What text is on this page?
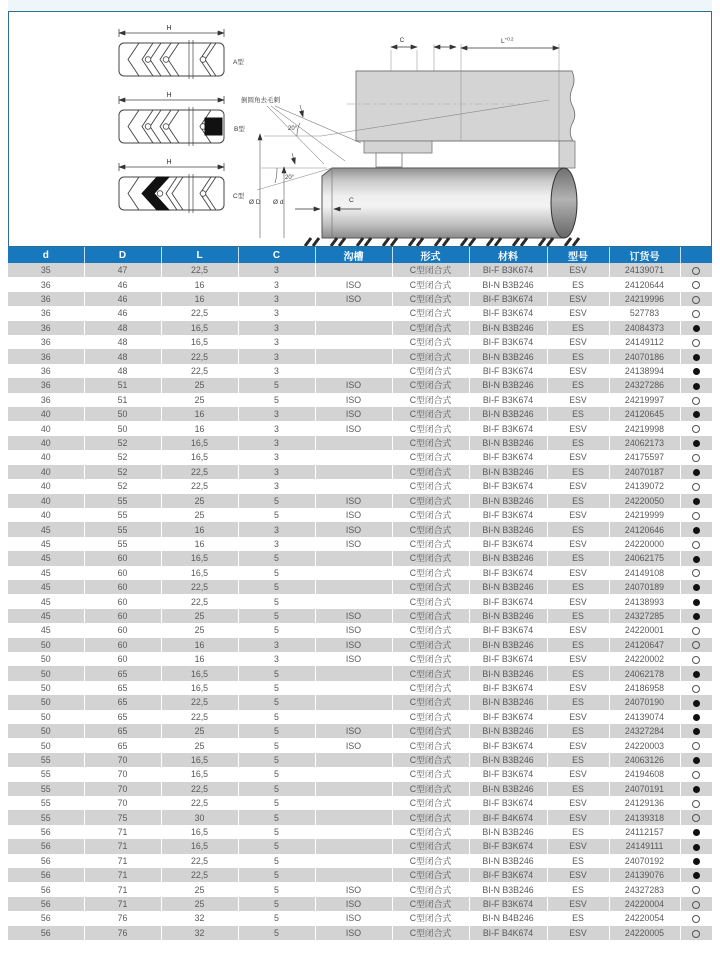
H
A型
H
B型
H
C型
C	$L^{+0.2}$
倒圆角去毛刺
20°
20°
Ø D Ø d	C
d	D	L	C	沟槽	形式	材料	型号	订货号	
35	47	22,5	3		C型闭合式	BI-F B3K674	ESV	24139071	
36	46	16	3	ISO	C型闭合式	BI-N B3B246	ES	24120644	
36	46	16	3	ISO	C型闭合式	BI-F B3K674	ESV	24219996	
36	46	22,5	3		C型闭合式	BI-F B3K674	ESV	527783	
36	48	16,5	3		C型闭合式	BI-N B3B246	ES	24084373	
36	48	16,5	3		C型闭合式	BI-F B3K674	ESV	24149112	
36	48	22,5	3		C型闭合式	BI-N B3B246	ES	24070186	
36	48	22,5	3		C型闭合式	BI-F B3K674	ESV	24138994	
36	51	25	5	ISO	C型闭合式	BI-N B3B246	ES	24327286	
36	51	25	5	ISO	C型闭合式	BI-F B3K674	ESV	24219997	
40	50	16	3	ISO	C型闭合式	BI-N B3B246	ES	24120645	
40	50	16	3	ISO	C型闭合式	BI-F B3K674	ESV	24219998	
40	52	16,5	3		C型闭合式	BI-N B3B246	ES	24062173	
40	52	16,5	3		C型闭合式	BI-F B3K674	ESV	24175597	
40	52	22,5	3		C型闭合式	BI-N B3B246	ES	24070187	
40	52	22,5	3		C型闭合式	BI-F B3K674	ESV	24139072	
40	55	25	5	ISO	C型闭合式	BI-N B3B246	ES	24220050	
40	55	25	5	ISO	C型闭合式	BI-F B3K674	ESV	24219999	
45	55	16	3	ISO	C型闭合式	BI-N B3B246	ES	24120646	
45	55	16	3	ISO	C型闭合式	BI-F B3K674	ESV	24220000	
45	60	16,5	5		C型闭合式	BI-N B3B246	ES	24062175	
45	60	16,5	5		C型闭合式	BI-F B3K674	ESV	24149108	
45	60	22,5	5		C型闭合式	BI-N B3B246	ES	24070189	
45	60	22,5	5		C型闭合式	BI-F B3K674	ESV	24138993	
45	60	25	5	ISO	C型闭合式	BI-N B3B246	ES	24327285	
45	60	25	5	ISO	C型闭合式	BI-F B3K674	ESV	24220001	
50	60	16	3	ISO	C型闭合式	BI-N B3B246	ES	24120647	
50	60	16	3	ISO	C型闭合式	BI-F B3K674	ESV	24220002	
50	65	16,5	5		C型闭合式	BI-N B3B246	ES	24062178	
50	65	16,5	5		C型闭合式	BI-F B3K674	ESV	24186958	
50	65	22,5	5		C型闭合式	BI-N B3B246	ES	24070190	
50	65	22,5	5		C型闭合式	BI-F B3K674	ESV	24139074	
50	65	25	5	ISO	C型闭合式	BI-N B3B246	ES	24327284	
50	65	25	5	ISO	C型闭合式	BI-F B3K674	ESV	24220003	
55	70	16,5	5		C型闭合式	BI-N B3B246	ES	24063126	
55	70	16,5	5		C型闭合式	BI-F B3K674	ESV	24194608	
55	70	22,5	5		C型闭合式	BI-N B3B246	ES	24070191	
55	70	22,5	5		C型闭合式	BI-F B3K674	ESV	24129136	
55	75	30	5		C型闭合式	BI-F B4K674	ESV	24139318	
56	71	16,5	5		C型闭合式	BI-N B3B246	ES	24112157	
56	71	16,5	5		C型闭合式	BI-F B3K674	ESV	24149111	
56	71	22,5	5		C型闭合式	BI-N B3B246	ES	24070192	
56	71	22,5	5		C型闭合式	BI-F B3K674	ESV	24139076	
56	71	25	5	ISO	C型闭合式	BI-N B3B246	ES	24327283	
56	71	25	5	ISO	C型闭合式	BI-F B3K674	ESV	24220004	
56	76	32	5	ISO	C型闭合式	BI-N B4B246	ES	24220054	
56	76	32	5	ISO	C型闭合式	BI-F B4K674	ESV	24220005	
